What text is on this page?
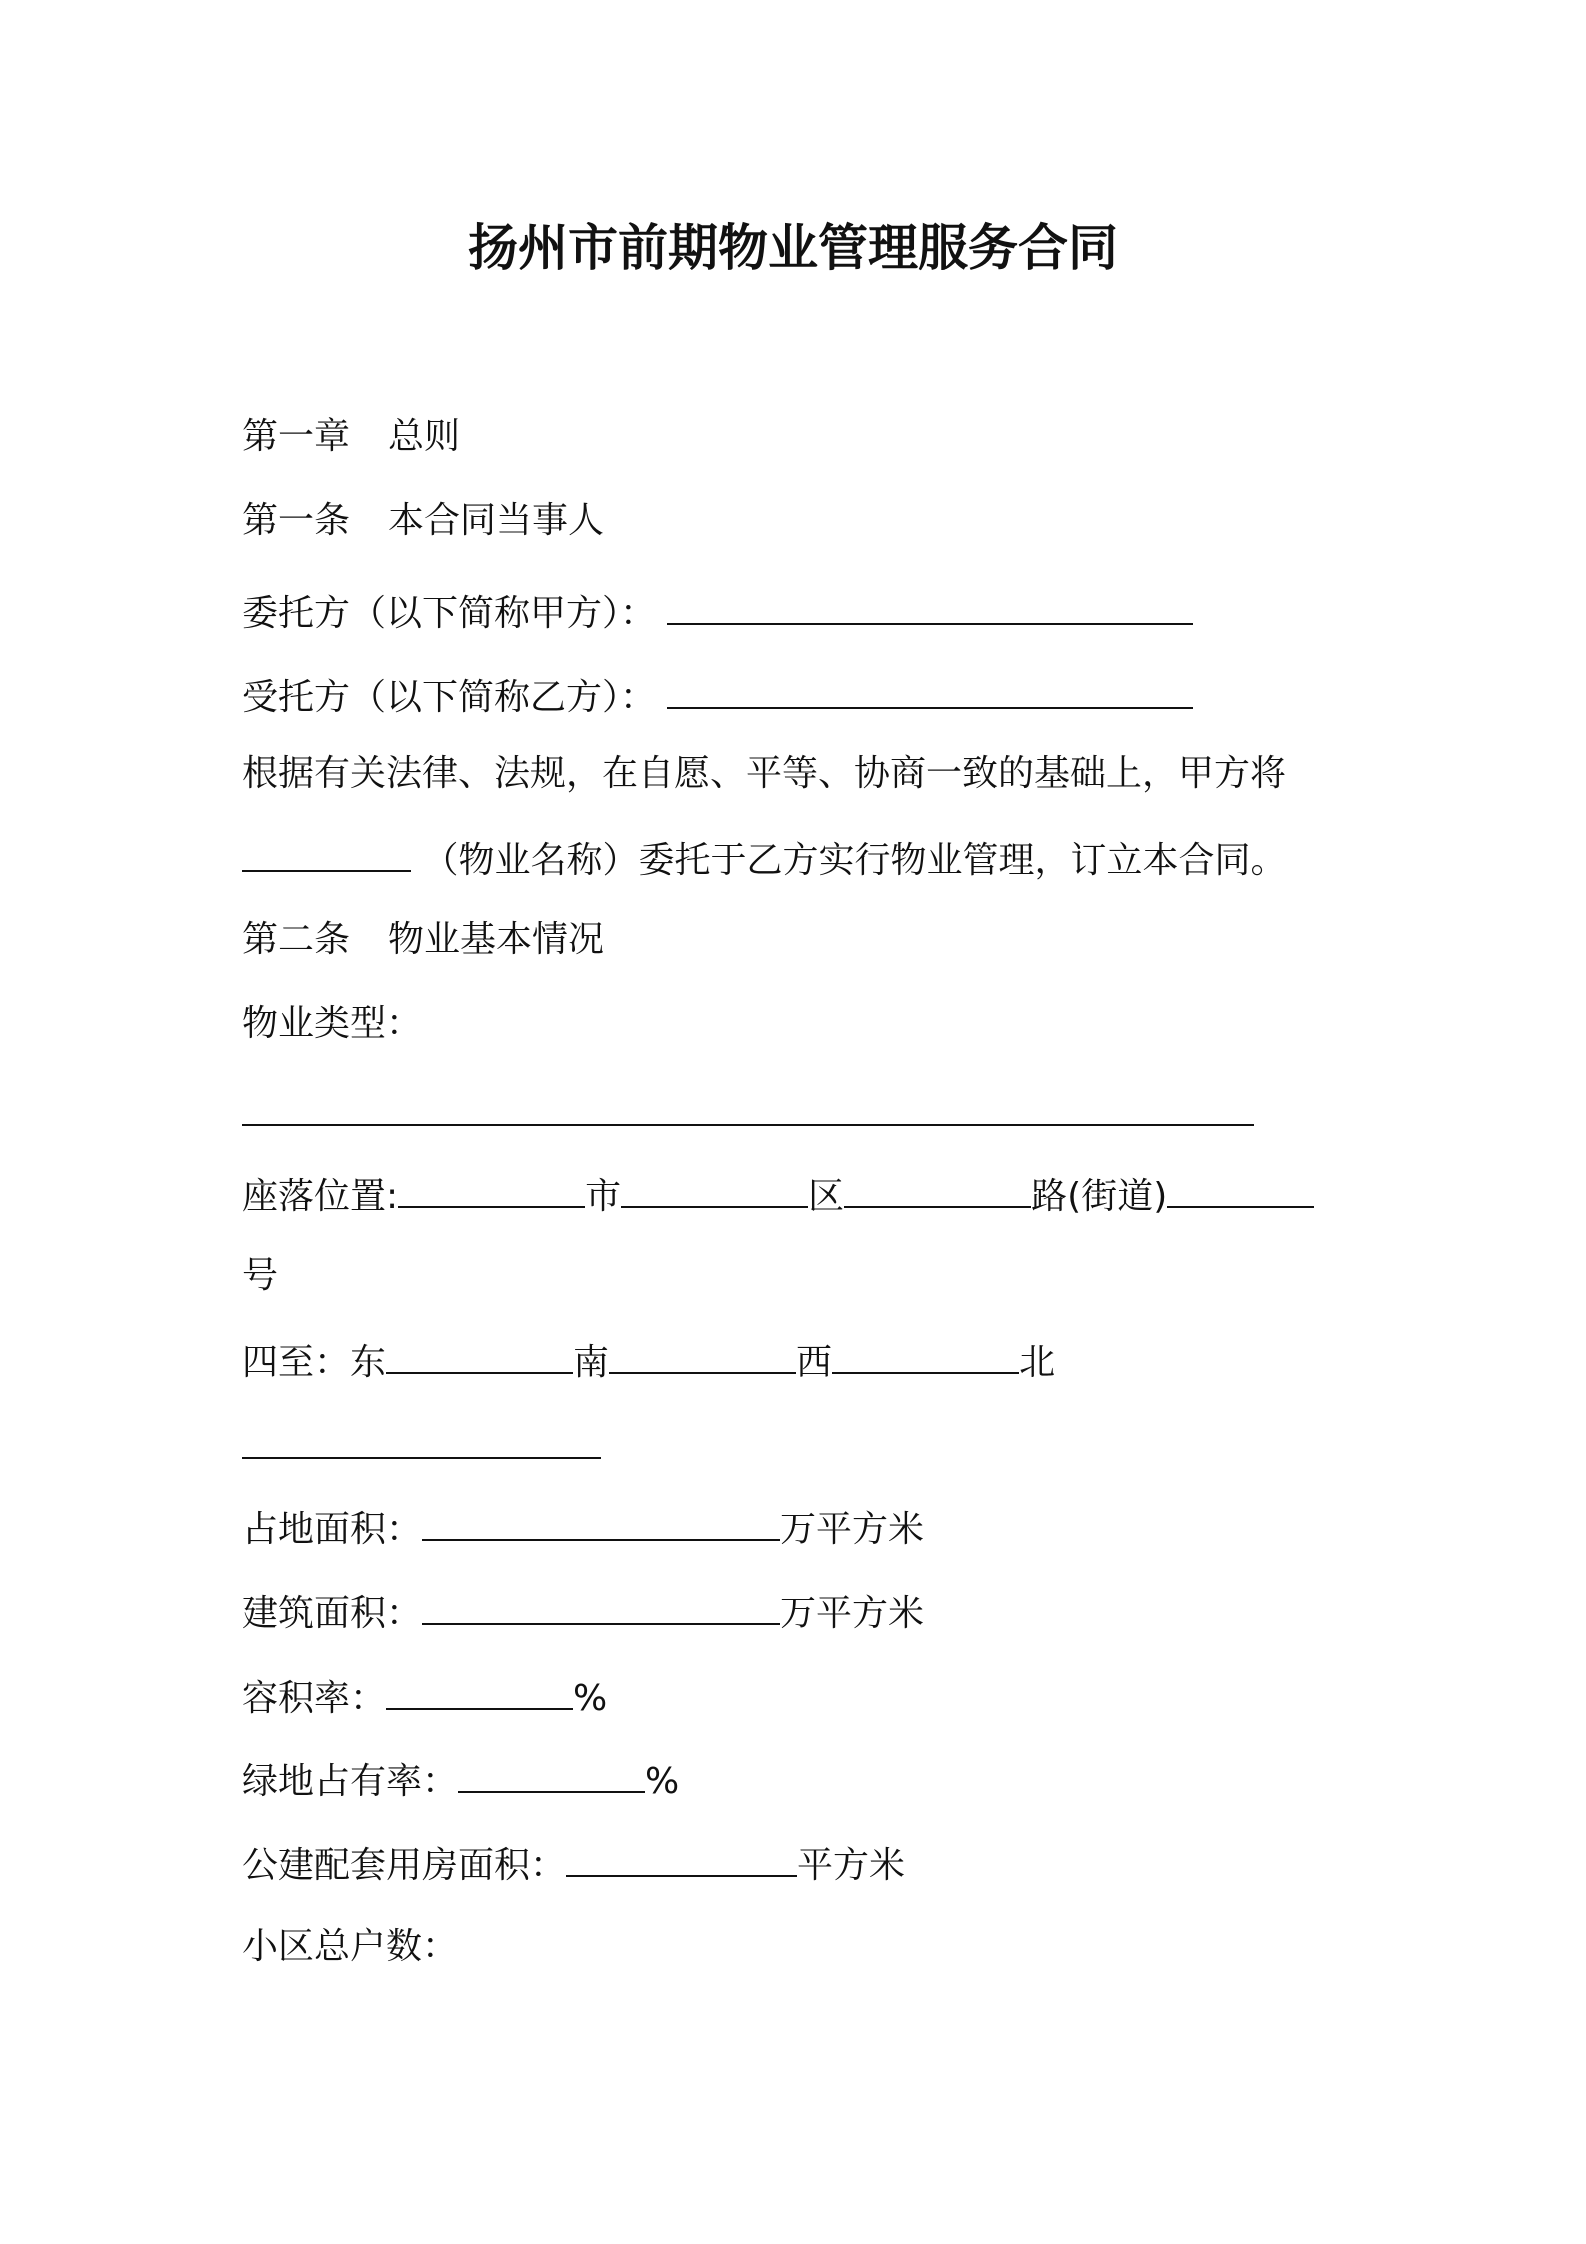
扬州市前期物业管理服务合同
第一章 总则
第一条 本合同当事人
委托方（以下简称甲方）：
受托方（以下简称乙方）：
根据有关法律、法规，在自愿、平等、协商一致的基础上，甲方将
（物业名称）委托于乙方实行物业管理，订立本合同。
第二条 物业基本情况
物业类型：
座落位置:	市	区	路(街道)
号
四至：东	南	西	北
占地面积：	万平方米
建筑面积：	万平方米
容积率：	%
绿地占有率：	%
公建配套用房面积：	平方米
小区总户数：
